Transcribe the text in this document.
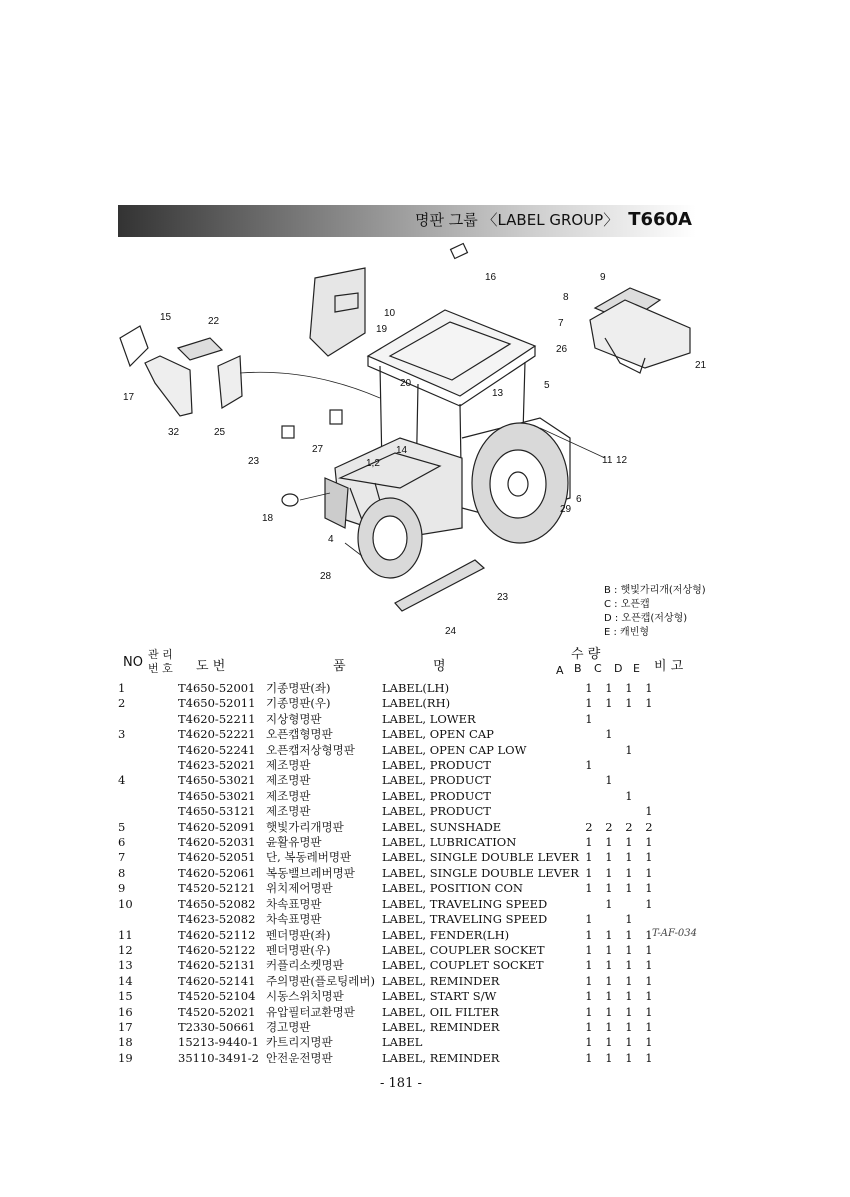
명판 그룹 〈LABEL GROUP〉 T660A
16	9
8
7
26
21
10
19
15	22
17
32	25
20	5
13
23
27	14
1,2	11 12
18
6
29
4
28
23
24
B : 햇빛가리개(저상형)
C : 오픈캡
D : 오픈캡(저상형)
E : 캐빈형
NO
관 리
번 호 도 번	품	명
수 량
비 고
A B C D E
1	T4650-52001	기종명판(좌)	LABEL(LH)	1	1	1	1
2	T4650-52011	기종명판(우)	LABEL(RH)	1	1	1	1
	T4620-52211	지상형명판	LABEL, LOWER	1			
3	T4620-52221	오픈캡형명판	LABEL, OPEN CAP		1		
	T4620-52241	오픈캡저상형명판	LABEL, OPEN CAP LOW			1	
	T4623-52021	제조명판	LABEL, PRODUCT	1			
4	T4650-53021	제조명판	LABEL, PRODUCT		1		
	T4650-53021	제조명판	LABEL, PRODUCT			1	
	T4650-53121	제조명판	LABEL, PRODUCT				1
5	T4620-52091	햇빛가리개명판	LABEL, SUNSHADE	2	2	2	2
6	T4620-52031	윤활유명판	LABEL, LUBRICATION	1	1	1	1
7	T4620-52051	단, 복동레버명판	LABEL, SINGLE DOUBLE LEVER	1	1	1	1
8	T4620-52061	복동밸브레버명판	LABEL, SINGLE DOUBLE LEVER	1	1	1	1
9	T4520-52121	위치제어명판	LABEL, POSITION CON	1	1	1	1
10	T4650-52082	차속표명판	LABEL, TRAVELING SPEED		1		1
	T4623-52082	차속표명판	LABEL, TRAVELING SPEED	1		1	
11	T4620-52112	펜더명판(좌)	LABEL, FENDER(LH)	1	1	1	1
12	T4620-52122	펜더명판(우)	LABEL, COUPLER SOCKET	1	1	1	1
13	T4620-52131	커플리소켓명판	LABEL, COUPLET SOCKET	1	1	1	1
14	T4620-52141	주의명판(플로팅레버)	LABEL, REMINDER	1	1	1	1
15	T4520-52104	시동스위치명판	LABEL, START S/W	1	1	1	1
16	T4520-52021	유압필터교환명판	LABEL, OIL FILTER	1	1	1	1
17	T2330-50661	경고명판	LABEL, REMINDER	1	1	1	1
18	15213-9440-1	카트리지명판	LABEL	1	1	1	1
19	35110-3491-2	안전운전명판	LABEL, REMINDER	1	1	1	1
T-AF-034
- 181 -
